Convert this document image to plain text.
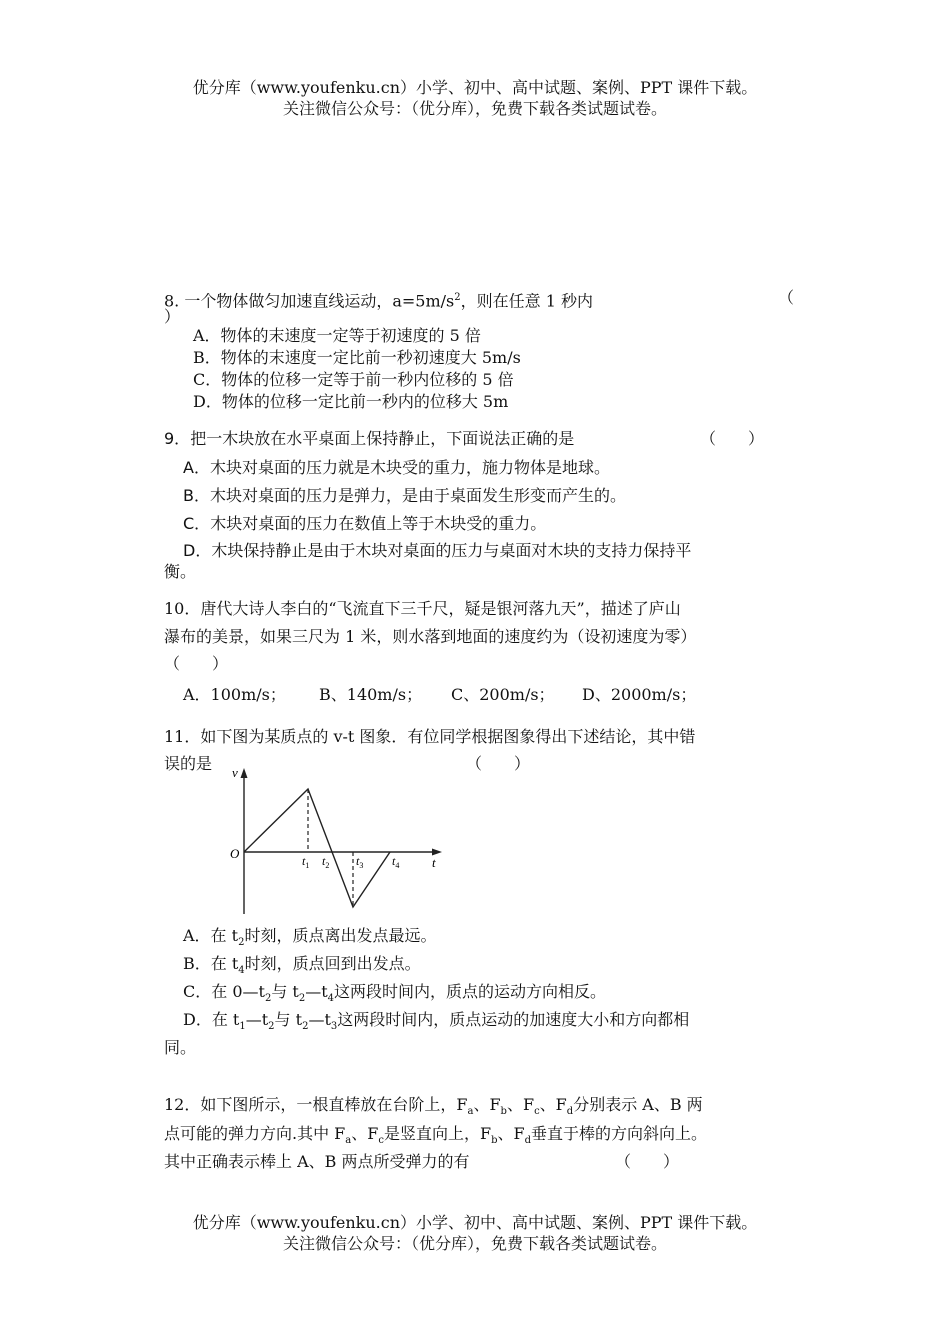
优分库（www.youfenku.cn）小学、初中、高中试题、案例、PPT 课件下载。
关注微信公众号：（优分库），免费下载各类试题试卷。
8. 一个物体做匀加速直线运动，$a=5m/s^2$，则在任意 1 秒内	（
）
A．物体的末速度一定等于初速度的 5 倍
B．物体的末速度一定比前一秒初速度大 5m/s
C．物体的位移一定等于前一秒内位移的 5 倍
D．物体的位移一定比前一秒内的位移大 5m
9．把一木块放在水平桌面上保持静止，下面说法正确的是	（　　）
A．木块对桌面的压力就是木块受的重力，施力物体是地球。
B．木块对桌面的压力是弹力，是由于桌面发生形变而产生的。
C．木块对桌面的压力在数值上等于木块受的重力。
D．木块保持静止是由于木块对桌面的压力与桌面对木块的支持力保持平
衡。
10．唐代大诗人李白的“飞流直下三千尺，疑是银河落九天”，描述了庐山
瀑布的美景，如果三尺为 1 米，则水落到地面的速度约为（设初速度为零）
（　　）
A．100m/s； B、140m/s； C、200m/s； D、2000m/s；
11．如下图为某质点的 v-t 图象．有位同学根据图象得出下述结论，其中错
误的是	（　　）
v
t
O	$t_1$ $t_2$ $t_3$ $t_4$
A．在 $t_2$时刻，质点离出发点最远。
B．在 $t_4$时刻，质点回到出发点。
C．在 $0—t_2$与 $t_2—t_4$这两段时间内，质点的运动方向相反。
D．在 $t_1—t_2$与 $t_2—t_3$这两段时间内，质点运动的加速度大小和方向都相
同。
12．如下图所示，一根直棒放在台阶上，$F_a$、$F_b$、$F_c$、$F_d$分别表示 A、B 两
点可能的弹力方向.其中 $F_a$、$F_c$是竖直向上，$F_b$、$F_d$垂直于棒的方向斜向上。
其中正确表示棒上 A、B 两点所受弹力的有	（　　）
优分库（www.youfenku.cn）小学、初中、高中试题、案例、PPT 课件下载。
关注微信公众号：（优分库），免费下载各类试题试卷。
